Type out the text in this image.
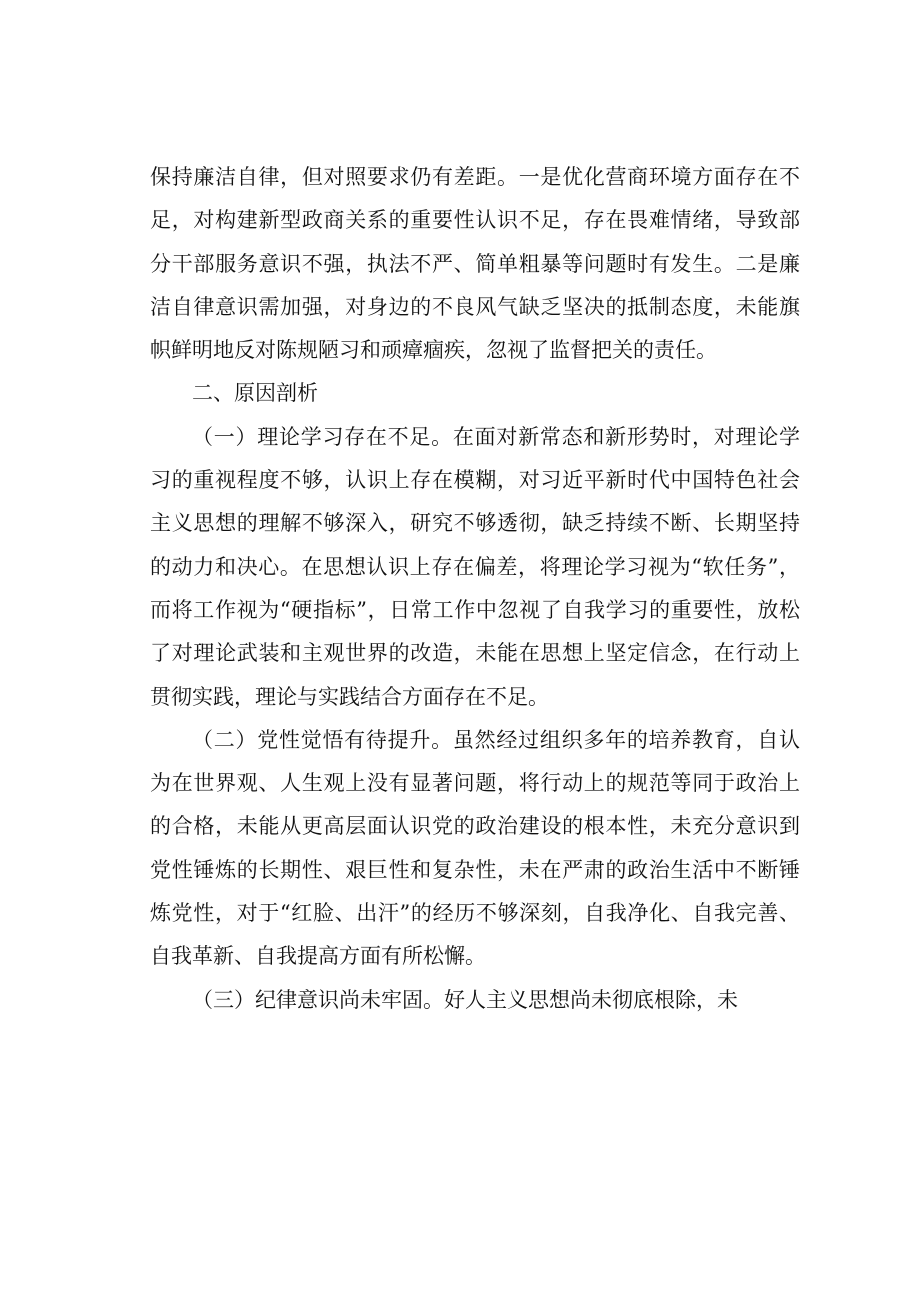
保持廉洁自律，但对照要求仍有差距。一是优化营商环境方面存在不足，对构建新型政商关系的重要性认识不足，存在畏难情绪，导致部分干部服务意识不强，执法不严、简单粗暴等问题时有发生。二是廉洁自律意识需加强，对身边的不良风气缺乏坚决的抵制态度，未能旗帜鲜明地反对陈规陋习和顽瘴痼疾，忽视了监督把关的责任。

二、原因剖析

（一）理论学习存在不足。在面对新常态和新形势时，对理论学习的重视程度不够，认识上存在模糊，对习近平新时代中国特色社会主义思想的理解不够深入，研究不够透彻，缺乏持续不断、长期坚持的动力和决心。在思想认识上存在偏差，将理论学习视为“软任务”，而将工作视为“硬指标”，日常工作中忽视了自我学习的重要性，放松了对理论武装和主观世界的改造，未能在思想上坚定信念，在行动上贯彻实践，理论与实践结合方面存在不足。

（二）党性觉悟有待提升。虽然经过组织多年的培养教育，自认为在世界观、人生观上没有显著问题，将行动上的规范等同于政治上的合格，未能从更高层面认识党的政治建设的根本性，未充分意识到党性锤炼的长期性、艰巨性和复杂性，未在严肃的政治生活中不断锤炼党性，对于“红脸、出汗”的经历不够深刻，自我净化、自我完善、自我革新、自我提高方面有所松懈。

（三）纪律意识尚未牢固。好人主义思想尚未彻底根除，未
